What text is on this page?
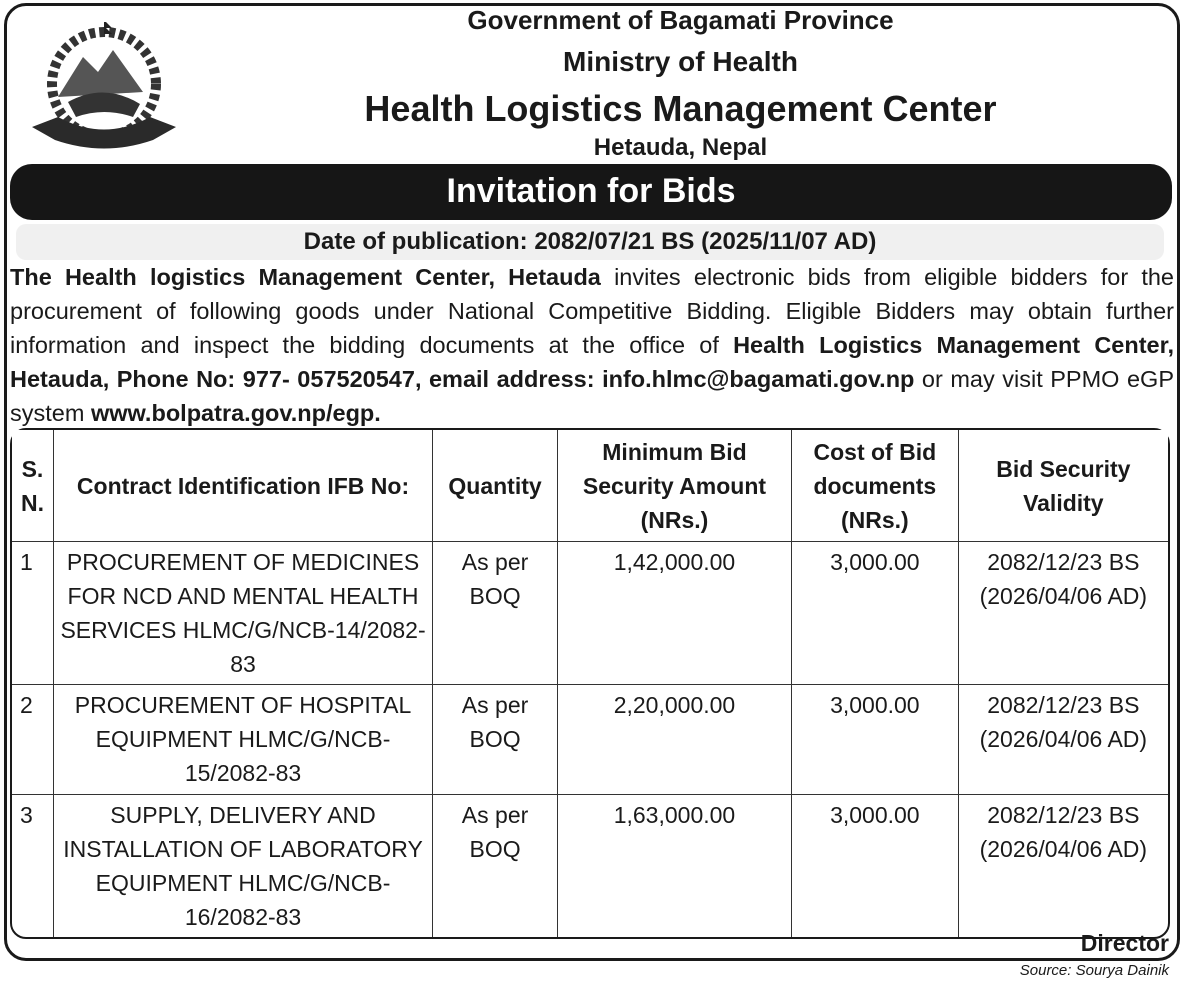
Government of Bagamati Province
Ministry of Health
Health Logistics Management Center
Hetauda, Nepal
Invitation for Bids
Date of publication: 2082/07/21 BS (2025/11/07 AD)
The Health logistics Management Center, Hetauda invites electronic bids from eligible bidders for the procurement of following goods under National Competitive Bidding. Eligible Bidders may obtain further information and inspect the bidding documents at the office of Health Logistics Management Center, Hetauda, Phone No: 977- 057520547, email address: info.hlmc@bagamati.gov.np or may visit PPMO eGP system www.bolpatra.gov.np/egp.
S. N.	Contract Identification IFB No:	Quantity	Minimum Bid Security Amount (NRs.)	Cost of Bid documents (NRs.)	Bid Security Validity
1	PROCUREMENT OF MEDICINES FOR NCD AND MENTAL HEALTH SERVICES HLMC/G/NCB-14/2082-83	As per BOQ	1,42,000.00	3,000.00	2082/12/23 BS (2026/04/06 AD)
2	PROCUREMENT OF HOSPITAL EQUIPMENT HLMC/G/NCB-15/2082-83	As per BOQ	2,20,000.00	3,000.00	2082/12/23 BS (2026/04/06 AD)
3	SUPPLY, DELIVERY AND INSTALLATION OF LABORATORY EQUIPMENT HLMC/G/NCB-16/2082-83	As per BOQ	1,63,000.00	3,000.00	2082/12/23 BS (2026/04/06 AD)
Director
Source: Sourya Dainik
